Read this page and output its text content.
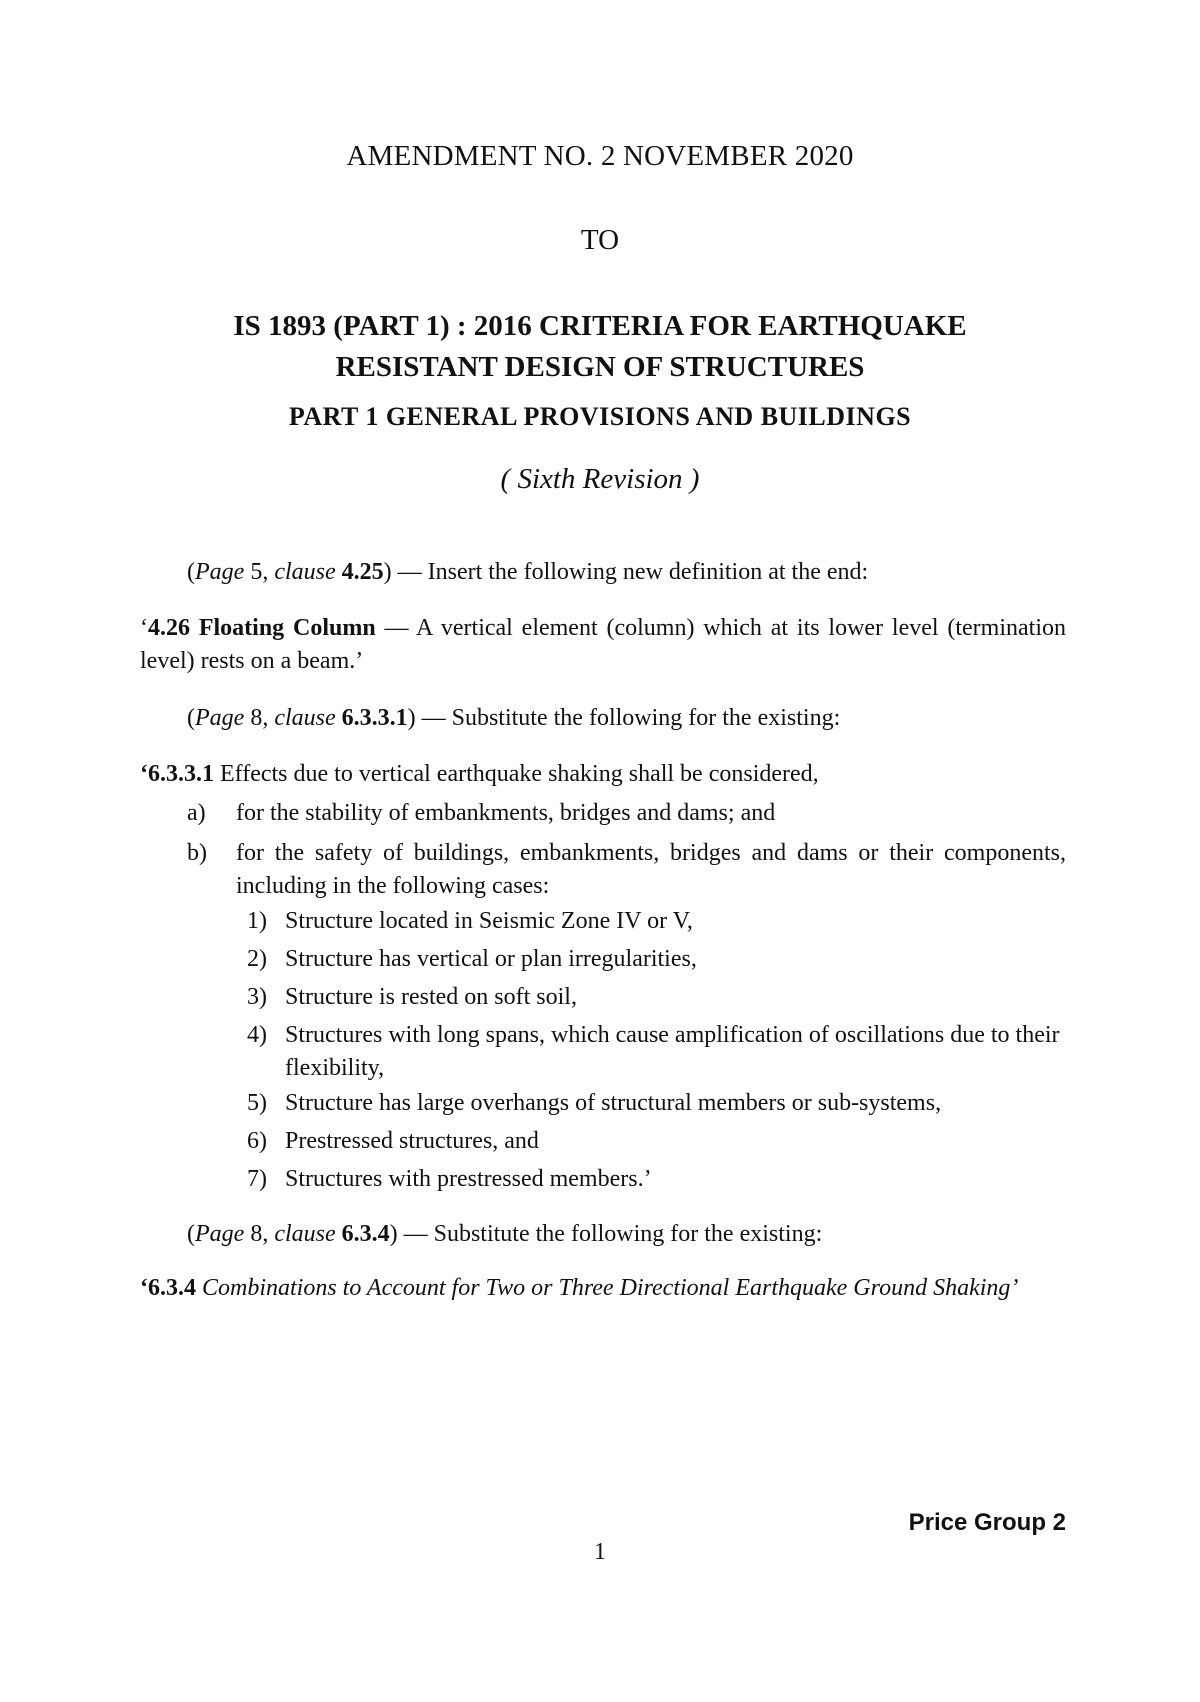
AMENDMENT NO. 2 NOVEMBER 2020
TO
IS 1893 (PART 1) : 2016 CRITERIA FOR EARTHQUAKE
RESISTANT DESIGN OF STRUCTURES
PART 1 GENERAL PROVISIONS AND BUILDINGS
( Sixth Revision )
(Page 5, clause 4.25) — Insert the following new definition at the end:
‘4.26 Floating Column — A vertical element (column) which at its lower level (termination level) rests on a beam.’
(Page 8, clause 6.3.3.1) — Substitute the following for the existing:
‘6.3.3.1 Effects due to vertical earthquake shaking shall be considered,
a)	for the stability of embankments, bridges and dams; and
b)	for the safety of buildings, embankments, bridges and dams or their components, including in the following cases:
1) Structure located in Seismic Zone IV or V,
2) Structure has vertical or plan irregularities,
3) Structure is rested on soft soil,
4) Structures with long spans, which cause amplification of oscillations due to their flexibility,
5) Structure has large overhangs of structural members or sub-systems,
6) Prestressed structures, and
7) Structures with prestressed members.’
(Page 8, clause 6.3.4) — Substitute the following for the existing:
‘6.3.4 Combinations to Account for Two or Three Directional Earthquake Ground Shaking’
Price Group 2
1
